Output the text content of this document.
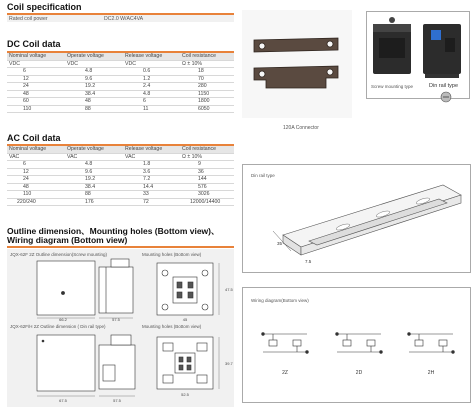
Coil specification
Rated coil power	DC2.0 W/AC4VA
DC Coil data
Nominal voltage	Operate voltage	Release voltage	Coil resistance
VDC	VDC	VDC	Ω ± 10%
6	4.8	0.6	18
12	9.6	1.2	70
24	19.2	2.4	280
48	38.4	4.8	1150
60	48	6	1800
110	88	11	6050
AC Coil data
Nominal voltage	Operate voltage	Release voltage	Coil resistance
VAC	VAC	VAC	Ω ± 10%
6	4.8	1.8	9
12	9.6	3.6	36
24	19.2	7.2	144
48	38.4	14.4	576
110	88	33	3026
220/240	176	72	12000/14400
Outline dimension、Mounting holes (Bottom view)、
Wiring diagram (Bottom view)
JQX-62F 2Z Outline dimension(Screw mounting)	Mounting holes (Bottom view)
JQX-62F/H 2Z Outline dimension ( Din rail type)	Mounting holes (Bottom view)
66.2	57.5
47.5
45
67.5	57.5
39.7
52.5
120A Connector
Screw mounting type	Din rail type
Din rail type
35
7.5
Wiring diagram(Bottom view)
2Z	2D	2H
